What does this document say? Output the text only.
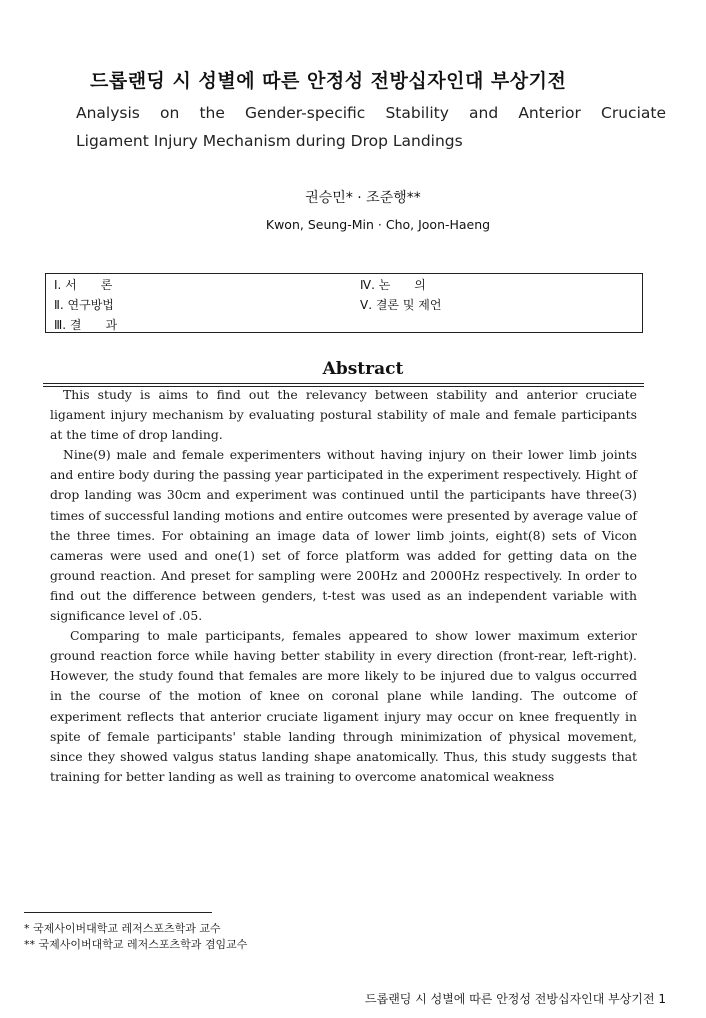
드롭랜딩 시 성별에 따른 안정성 전방십자인대 부상기전
Analysis on the Gender-specific Stability and Anterior Cruciate
Ligament Injury Mechanism during Drop Landings
권승민* · 조준행**
Kwon, Seung-Min · Cho, Joon-Haeng
Ⅰ. 서　　론
Ⅱ. 연구방법
Ⅲ. 결　　과
Ⅳ. 논　　의
Ⅴ. 결론 및 제언
Abstract

This study is aims to find out the relevancy between stability and anterior cruciate ligament injury mechanism by evaluating postural stability of male and female participants at the time of drop landing.

Nine(9) male and female experimenters without having injury on their lower limb joints and entire body during the passing year participated in the experiment respectively. Hight of drop landing was 30cm and experiment was continued until the participants have three(3) times of successful landing motions and entire outcomes were presented by average value of the three times. For obtaining an image data of lower limb joints, eight(8) sets of Vicon cameras were used and one(1) set of force platform was added for getting data on the ground reaction. And preset for sampling were 200Hz and 2000Hz respectively. In order to find out the difference between genders, t-test was used as an independent variable with significance level of .05.

Comparing to male participants, females appeared to show lower maximum exterior ground reaction force while having better stability in every direction (front-rear, left-right). However, the study found that females are more likely to be injured due to valgus occurred in the course of the motion of knee on coronal plane while landing. The outcome of experiment reflects that anterior cruciate ligament injury may occur on knee frequently in spite of female participants' stable landing through minimization of physical movement, since they showed valgus status landing shape anatomically. Thus, this study suggests that training for better landing as well as training to overcome anatomical weakness

* 국제사이버대학교 레저스포츠학과 교수
** 국제사이버대학교 레저스포츠학과 겸임교수
드롭랜딩 시 성별에 따른 안정성 전방십자인대 부상기전 1
